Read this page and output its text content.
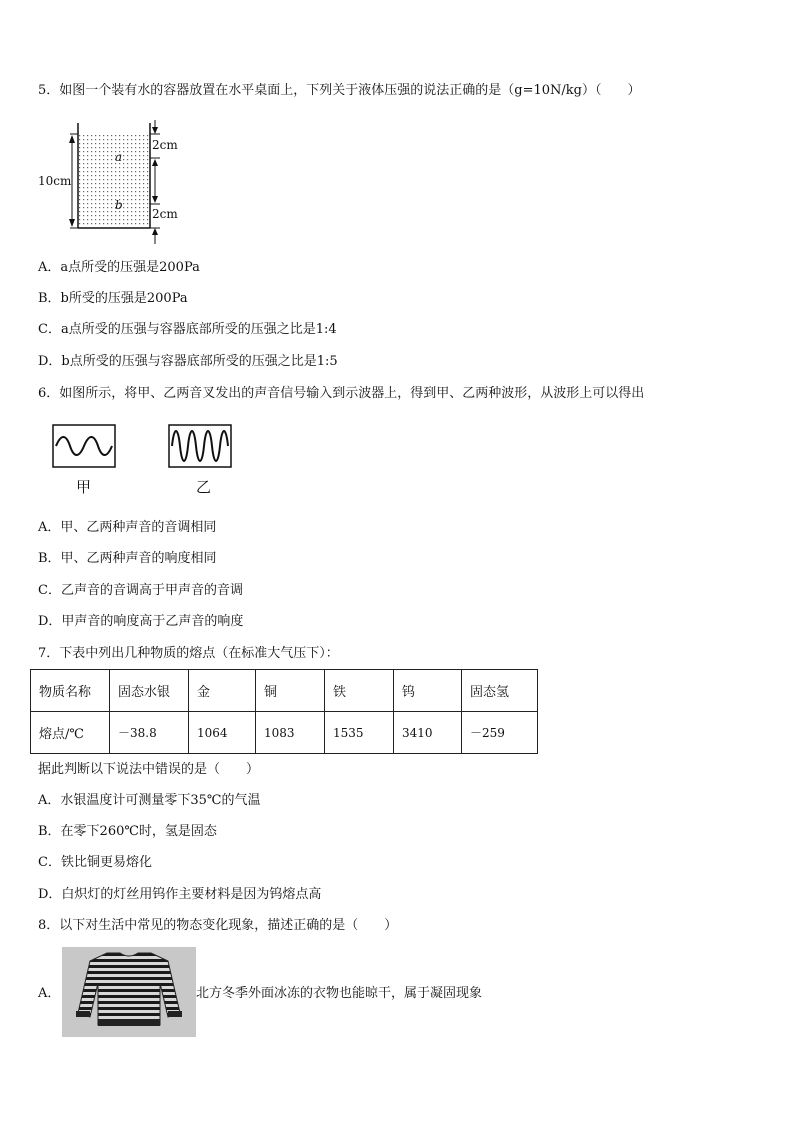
5．如图一个装有水的容器放置在水平桌面上，下列关于液体压强的说法正确的是（g=10N/kg）（　　）
10cm
2cm
2cm
a
b
A．a点所受的压强是200Pa
B．b所受的压强是200Pa
C．a点所受的压强与容器底部所受的压强之比是1:4
D．b点所受的压强与容器底部所受的压强之比是1:5
6．如图所示，将甲、乙两音叉发出的声音信号输入到示波器上，得到甲、乙两种波形，从波形上可以得出
甲	乙
A．甲、乙两种声音的音调相同
B．甲、乙两种声音的响度相同
C．乙声音的音调高于甲声音的音调
D．甲声音的响度高于乙声音的响度
7．下表中列出几种物质的熔点（在标准大气压下）：
物质名称	固态水银	金	铜	铁	钨	固态氢
熔点/℃	－38.8	1064	1083	1535	3410	－259
据此判断以下说法中错误的是（　　）
A．水银温度计可测量零下35℃的气温
B．在零下260℃时，氢是固态
C．铁比铜更易熔化
D．白炽灯的灯丝用钨作主要材料是因为钨熔点高
8．以下对生活中常见的物态变化现象，描述正确的是（　　）
A．	北方冬季外面冰冻的衣物也能晾干，属于凝固现象
